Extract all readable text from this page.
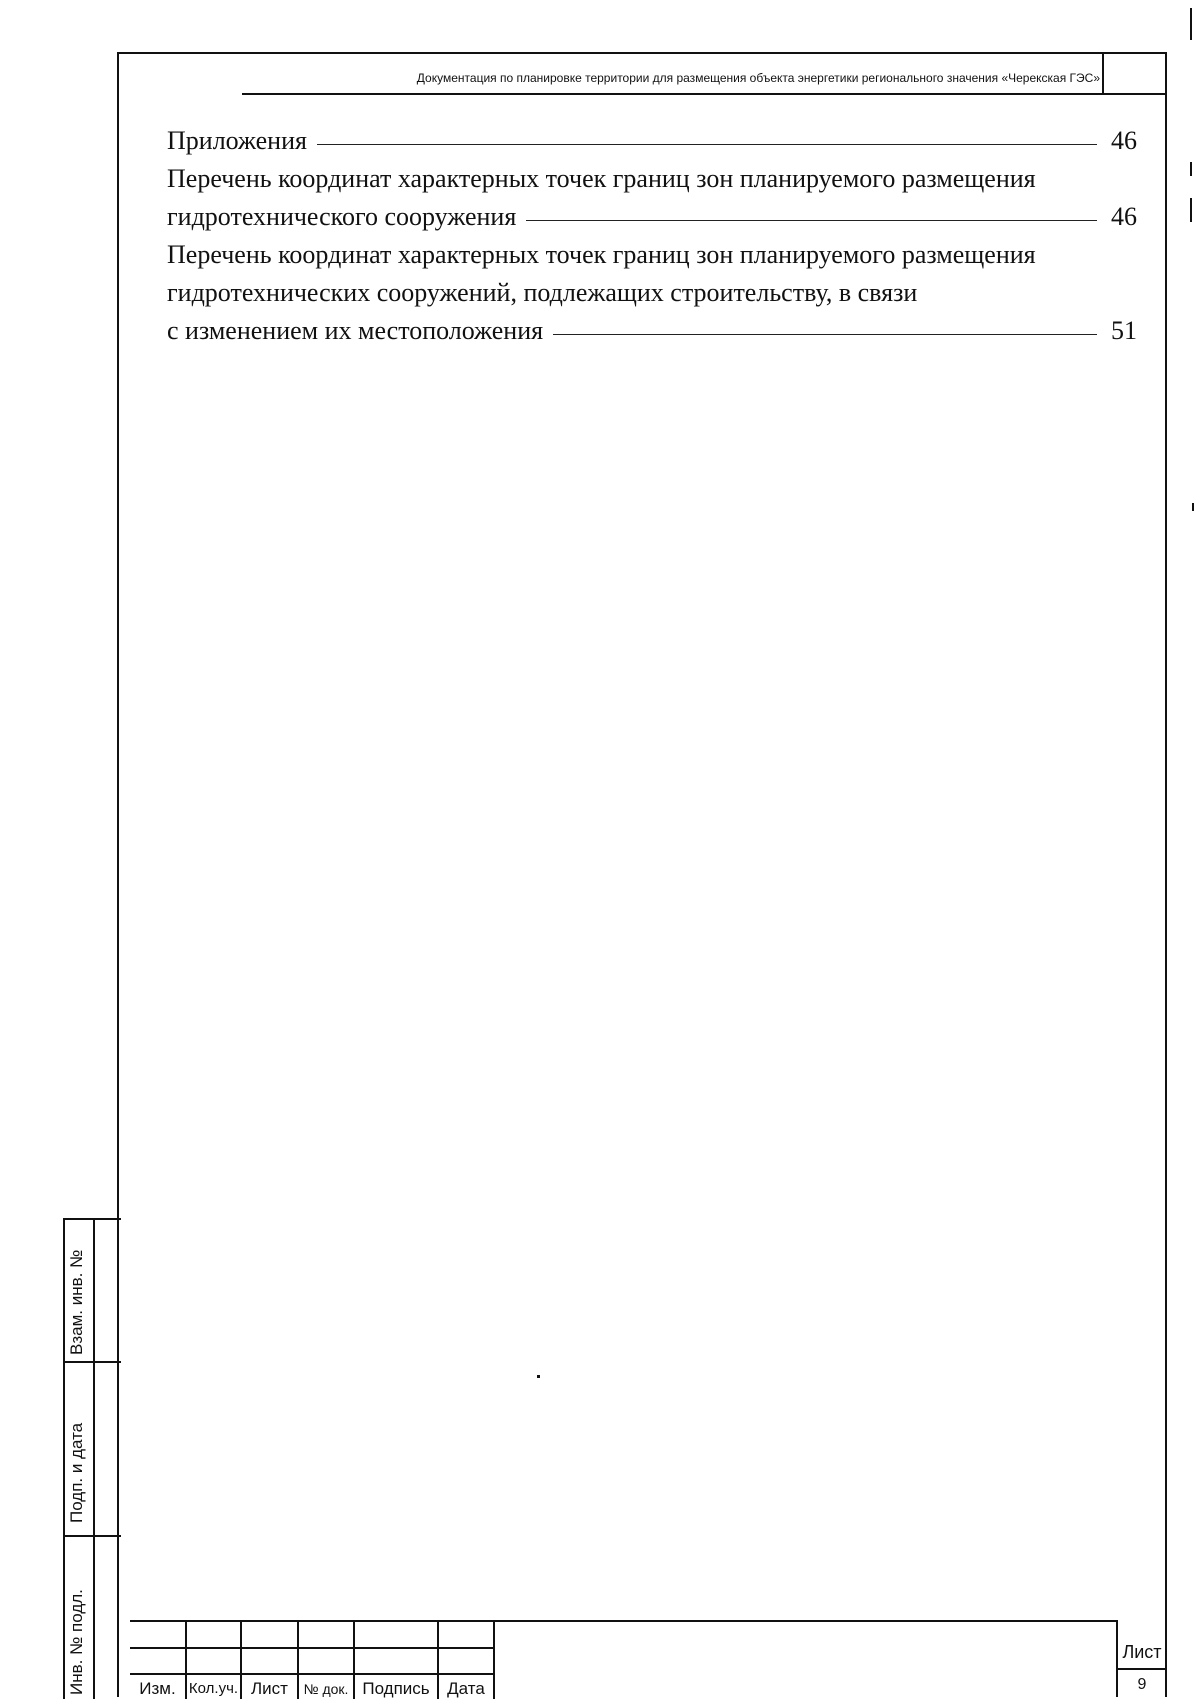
Документация по планировке территории для размещения объекта энергетики регионального значения «Черекская ГЭС»
Приложения	46
Перечень координат характерных точек границ зон планируемого размещения
гидротехнического сооружения	46
Перечень координат характерных точек границ зон планируемого размещения
гидротехнических сооружений, подлежащих строительству, в связи
с изменением их местоположения	51
Взам. инв. №
Подп. и дата
Инв. № подл.	Изм. Кол.уч. Лист	№ док. Подпись	Дата
Лист
9
